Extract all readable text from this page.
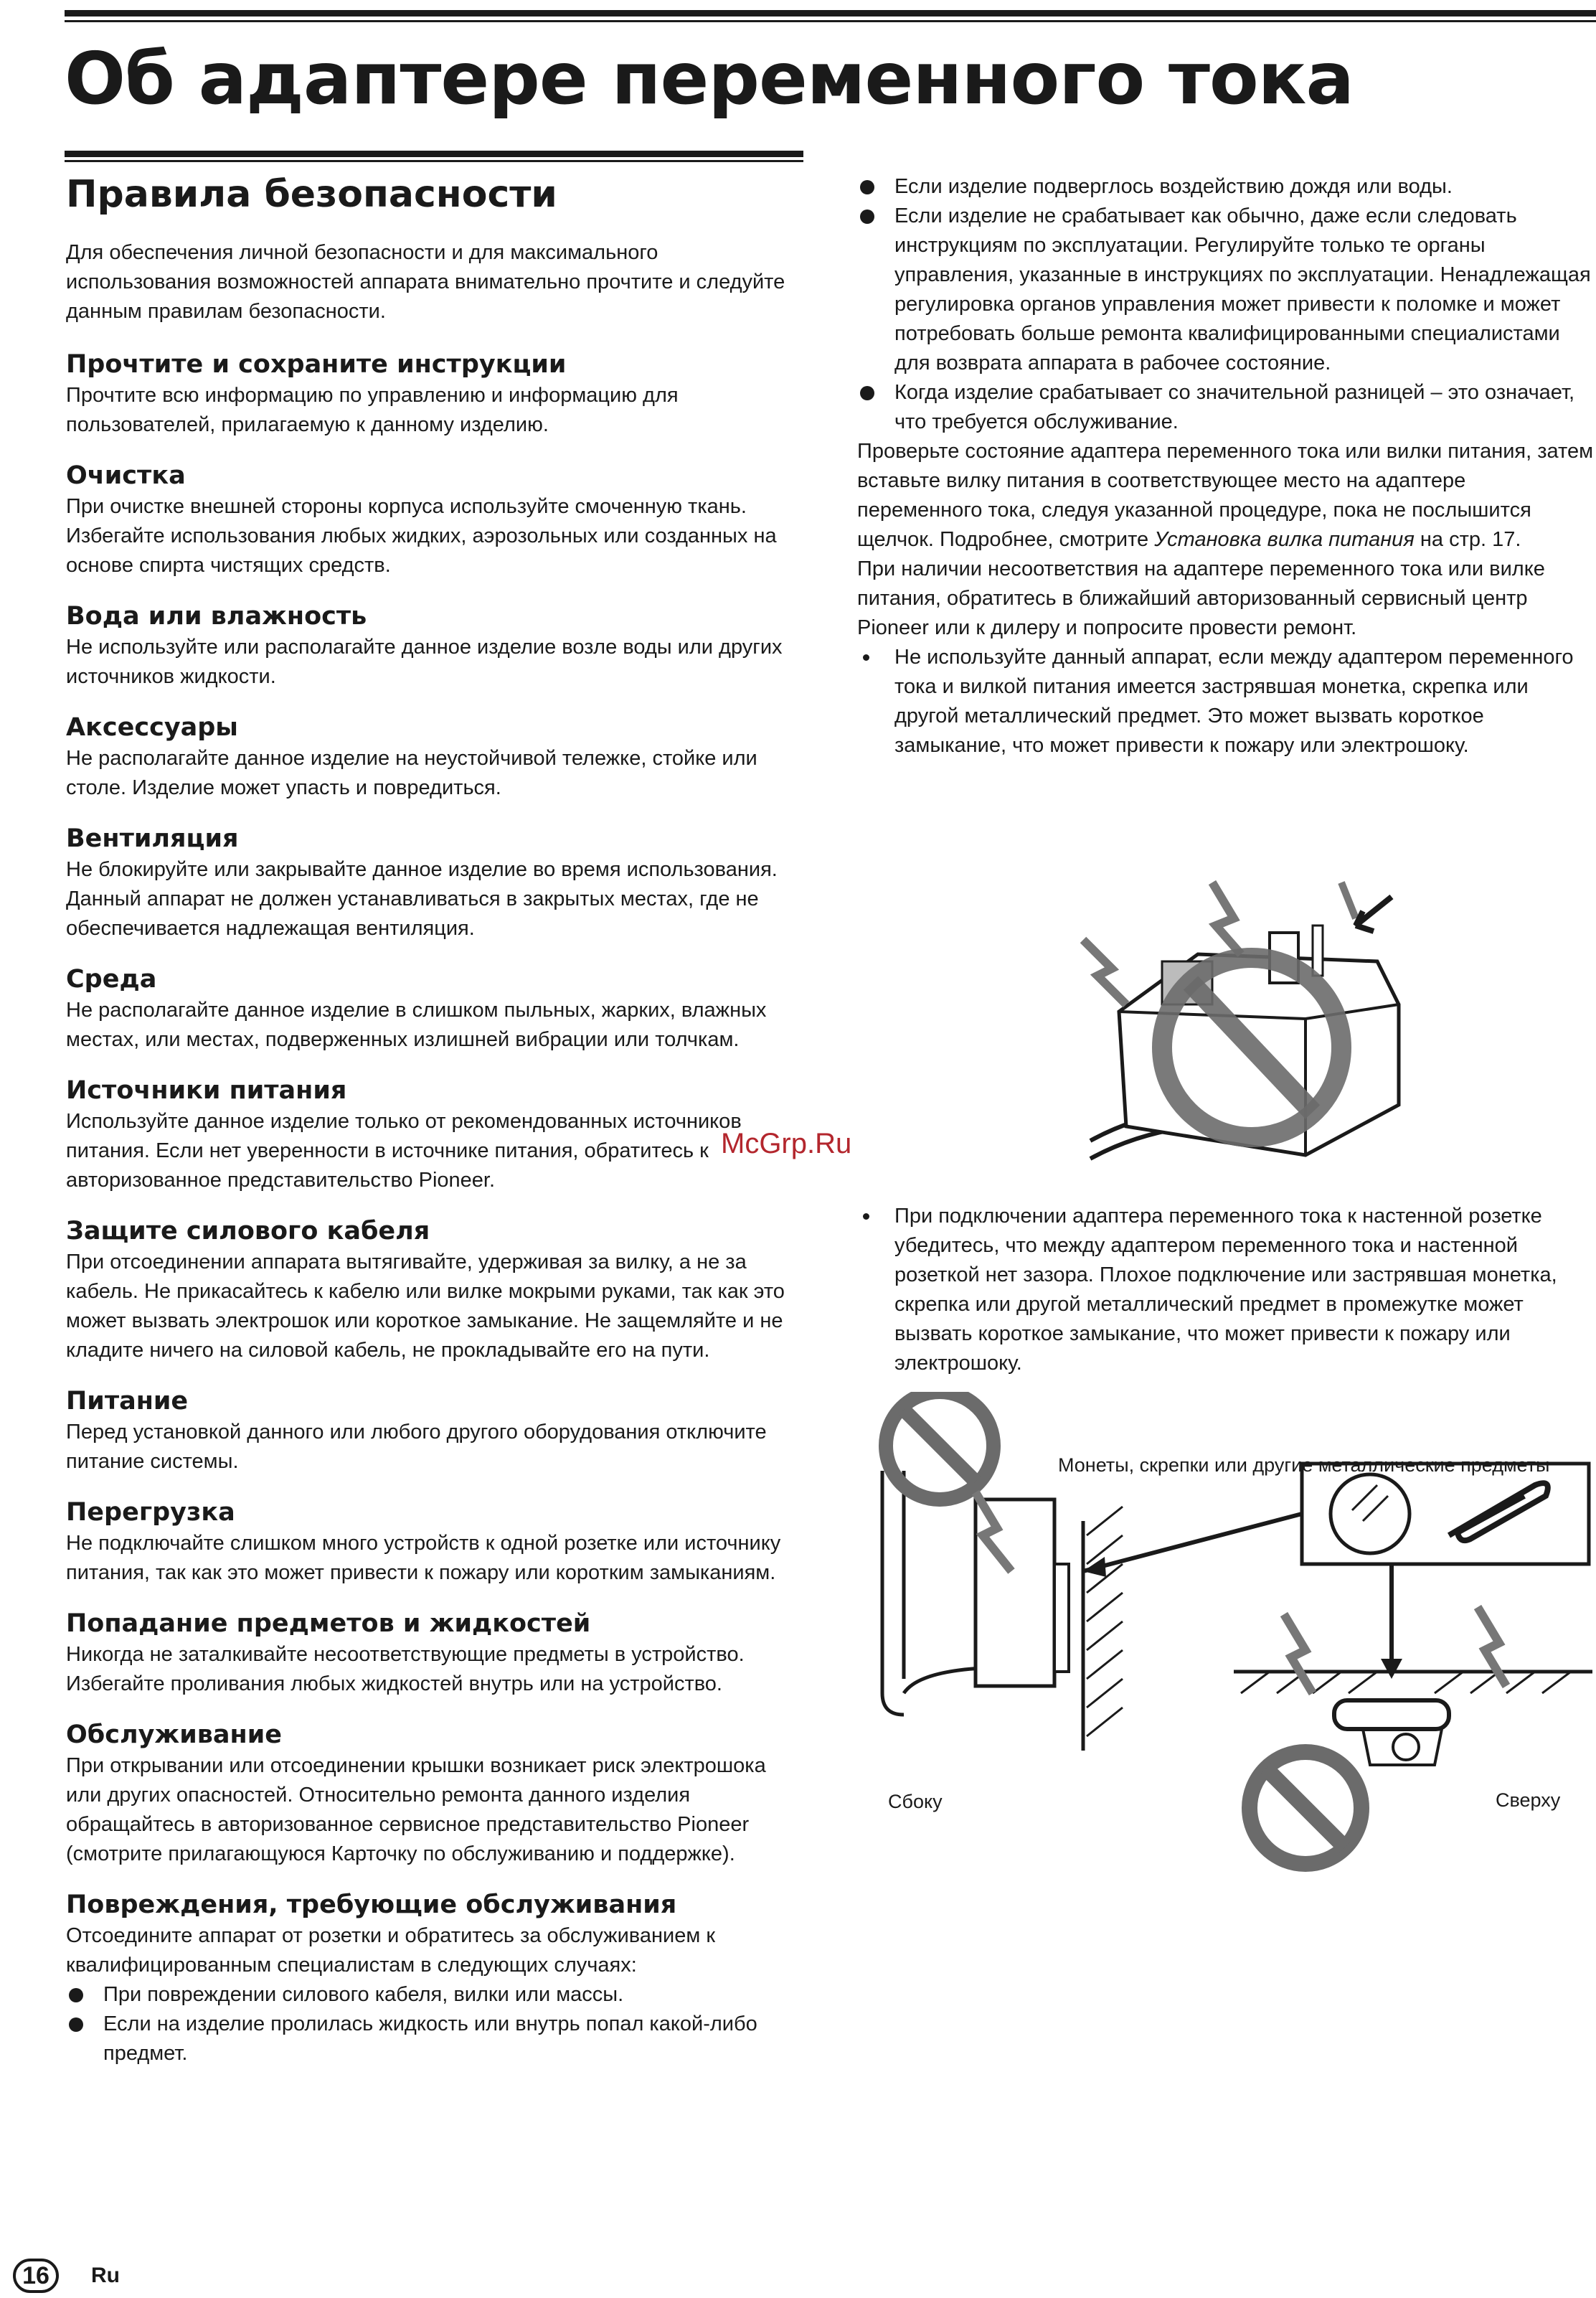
Об адаптере переменного тока
Правила безопасности

Для обеспечения личной безопасности и для максимального использования возможностей аппарата внимательно прочтите и следуйте данным правилам безопасности.

Прочтите и сохраните инструкции

Прочтите всю информацию по управлению и информацию для пользователей, прилагаемую к данному изделию.

Очистка

При очистке внешней стороны корпуса используйте смоченную ткань. Избегайте использования любых жидких, аэрозольных или созданных на основе спирта чистящих средств.

Вода или влажность

Не используйте или располагайте данное изделие возле воды или других источников жидкости.

Аксессуары

Не располагайте данное изделие на неустойчивой тележке, стойке или столе. Изделие может упасть и повредиться.

Вентиляция

Не блокируйте или закрывайте данное изделие во время использования. Данный аппарат не должен устанавливаться в закрытых местах, где не обеспечивается надлежащая вентиляция.

Среда

Не располагайте данное изделие в слишком пыльных, жарких, влажных местах, или местах, подверженных излишней вибрации или толчкам.

Источники питания

Используйте данное изделие только от рекомендованных источников питания. Если нет уверенности в источнике питания, обратитесь к авторизованное представительство Pioneer.

Защите силового кабеля

При отсоединении аппарата вытягивайте, удерживая за вилку, а не за кабель. Не прикасайтесь к кабелю или вилке мокрыми руками, так как это может вызвать электрошок или короткое замыкание. Не защемляйте и не кладите ничего на силовой кабель, не прокладывайте его на пути.

Питание

Перед установкой данного или любого другого оборудования отключите питание системы.

Перегрузка

Не подключайте слишком много устройств к одной розетке или источнику питания, так как это может привести к пожару или коротким замыканиям.

Попадание предметов и жидкостей

Никогда не заталкивайте несоответствующие предметы в устройство. Избегайте проливания любых жидкостей внутрь или на устройство.

Обслуживание

При открывании или отсоединении крышки возникает риск электрошока или других опасностей. Относительно ремонта данного изделия обращайтесь в авторизованное сервисное представительство Pioneer (смотрите прилагающуюся Карточку по обслуживанию и поддержке).

Повреждения, требующие обслуживания

Отсоедините аппарат от розетки и обратитесь за обслуживанием к квалифицированным специалистам в следующих случаях:

При повреждении силового кабеля, вилки или массы.
Если на изделие пролилась жидкость или внутрь попал какой-либо предмет.
Если изделие подверглось воздействию дождя или воды.
Если изделие не срабатывает как обычно, даже если следовать инструкциям по эксплуатации. Регулируйте только те органы управления, указанные в инструкциях по эксплуатации. Ненадлежащая регулировка органов управления может привести к поломке и может потребовать больше ремонта квалифицированными специалистами для возврата аппарата в рабочее состояние.
Когда изделие срабатывает со значительной разницей – это означает, что требуется обслуживание.

Проверьте состояние адаптера переменного тока или вилки питания, затем вставьте вилку питания в соответствующее место на адаптере переменного тока, следуя указанной процедуре, пока не послышится щелчок. Подробнее, смотрите Установка вилка питания на стр. 17.

При наличии несоответствия на адаптере переменного тока или вилке питания, обратитесь в ближайший авторизованный сервисный центр Pioneer или к дилеру и попросите провести ремонт.

Не используйте данный аппарат, если между адаптером переменного тока и вилкой питания имеется застрявшая монетка, скрепка или другой металлический предмет. Это может вызвать короткое замыкание, что может привести к пожару или электрошоку.
При подключении адаптера переменного тока к настенной розетке убедитесь, что между адаптером переменного тока и настенной розеткой нет зазора. Плохое подключение или застрявшая монетка, скрепка или другой металлический предмет в промежутке может вызвать короткое замыкание, что может привести к пожару или электрошоку.
Монеты, скрепки или другие металлические предметы
Сбоку	Сверху
McGrp.Ru
16	Ru
